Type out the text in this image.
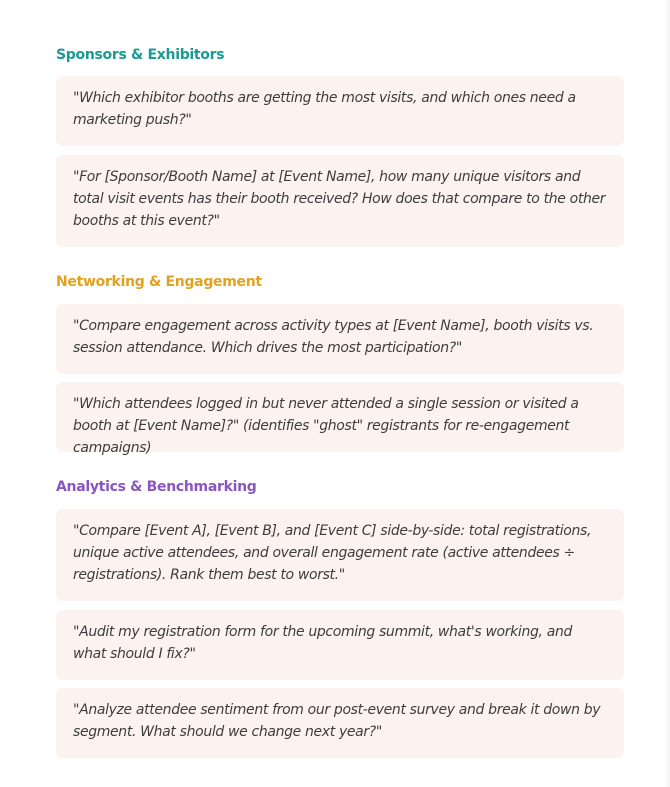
Sponsors & Exhibitors

"Which exhibitor booths are getting the most visits, and which ones need a marketing push?"

"For [Sponsor/Booth Name] at [Event Name], how many unique visitors and total visit events has their booth received? How does that compare to the other booths at this event?"

Networking & Engagement

"Compare engagement across activity types at [Event Name], booth visits vs. session attendance. Which drives the most participation?"

"Which attendees logged in but never attended a single session or visited a booth at [Event Name]?" (identifies "ghost" registrants for re-engagement campaigns)

Analytics & Benchmarking

"Compare [Event A], [Event B], and [Event C] side-by-side: total registrations, unique active attendees, and overall engagement rate (active attendees ÷ registrations). Rank them best to worst."

"Audit my registration form for the upcoming summit, what's working, and what should I fix?"

"Analyze attendee sentiment from our post-event survey and break it down by segment. What should we change next year?"
